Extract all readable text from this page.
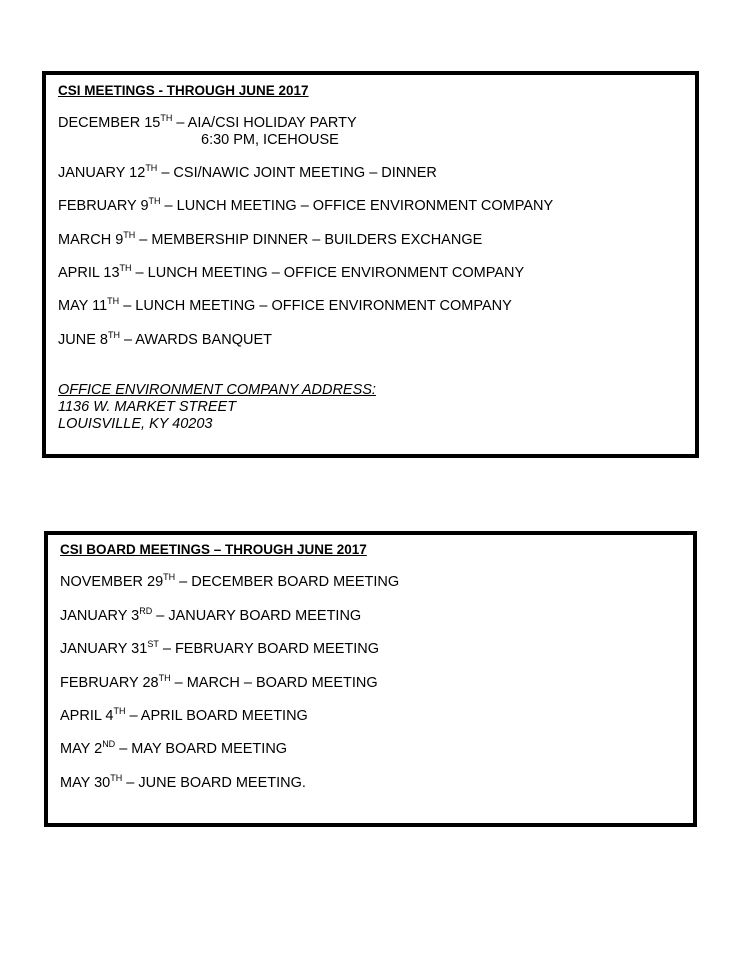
CSI MEETINGS - THROUGH JUNE 2017
DECEMBER 15TH – AIA/CSI HOLIDAY PARTY
6:30 PM, ICEHOUSE
JANUARY 12TH – CSI/NAWIC JOINT MEETING – DINNER
FEBRUARY 9TH – LUNCH MEETING – OFFICE ENVIRONMENT COMPANY
MARCH 9TH – MEMBERSHIP DINNER – BUILDERS EXCHANGE
APRIL 13TH – LUNCH MEETING – OFFICE ENVIRONMENT COMPANY
MAY 11TH – LUNCH MEETING – OFFICE ENVIRONMENT COMPANY
JUNE 8TH – AWARDS BANQUET
OFFICE ENVIRONMENT COMPANY ADDRESS:
1136 W. MARKET STREET
LOUISVILLE, KY 40203
CSI BOARD MEETINGS – THROUGH JUNE 2017
NOVEMBER 29TH – DECEMBER BOARD MEETING
JANUARY 3RD – JANUARY BOARD MEETING
JANUARY 31ST – FEBRUARY BOARD MEETING
FEBRUARY 28TH – MARCH – BOARD MEETING
APRIL 4TH – APRIL BOARD MEETING
MAY 2ND – MAY BOARD MEETING
MAY 30TH – JUNE BOARD MEETING.
